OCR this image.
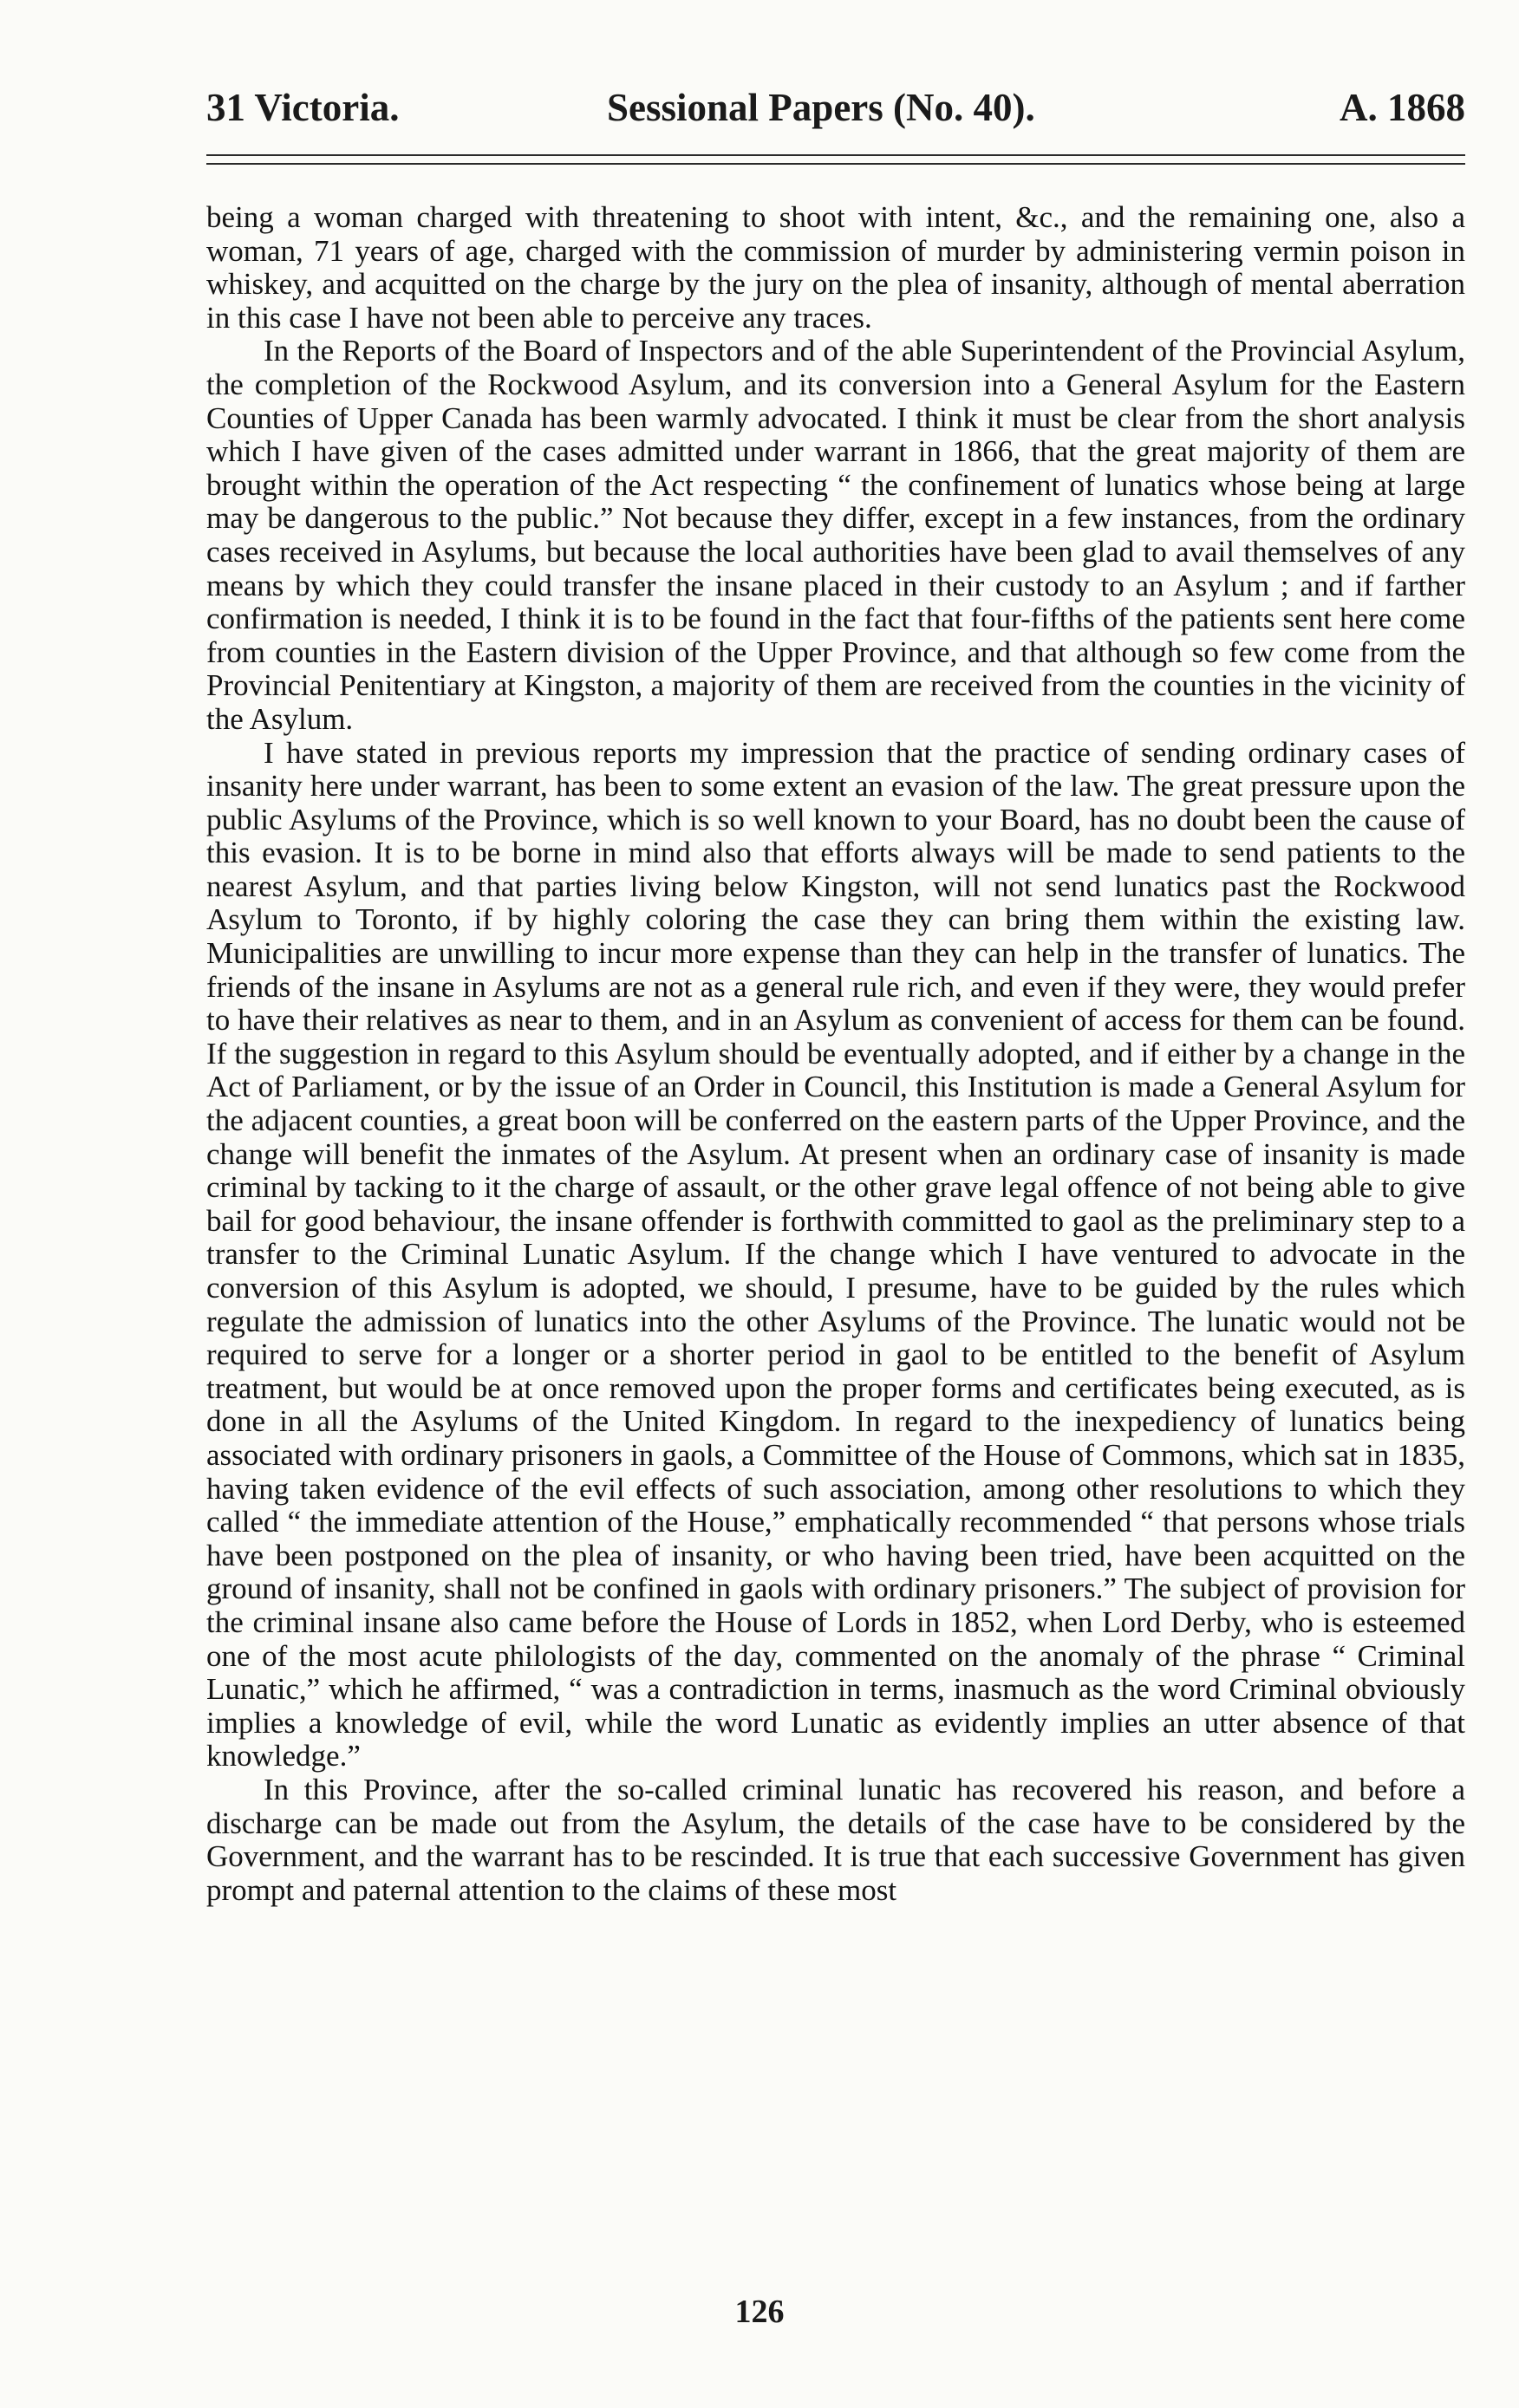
31 Victoria.	Sessional Papers (No. 40).	A. 1868

being a woman charged with threatening to shoot with intent, &c., and the remaining one, also a woman, 71 years of age, charged with the commission of murder by administering vermin poison in whiskey, and acquitted on the charge by the jury on the plea of insanity, although of mental aberration in this case I have not been able to perceive any traces.

In the Reports of the Board of Inspectors and of the able Superintendent of the Provincial Asylum, the completion of the Rockwood Asylum, and its conversion into a General Asylum for the Eastern Counties of Upper Canada has been warmly advocated. I think it must be clear from the short analysis which I have given of the cases admitted under warrant in 1866, that the great majority of them are brought within the operation of the Act respecting “ the confinement of lunatics whose being at large may be dangerous to the public.” Not because they differ, except in a few instances, from the ordinary cases received in Asylums, but because the local authorities have been glad to avail themselves of any means by which they could transfer the insane placed in their custody to an Asylum ; and if farther confirmation is needed, I think it is to be found in the fact that four-fifths of the patients sent here come from counties in the Eastern division of the Upper Province, and that although so few come from the Provincial Penitentiary at Kingston, a majority of them are received from the counties in the vicinity of the Asylum.

I have stated in previous reports my impression that the practice of sending ordinary cases of insanity here under warrant, has been to some extent an evasion of the law. The great pressure upon the public Asylums of the Province, which is so well known to your Board, has no doubt been the cause of this evasion. It is to be borne in mind also that efforts always will be made to send patients to the nearest Asylum, and that parties living below Kingston, will not send lunatics past the Rockwood Asylum to Toronto, if by highly coloring the case they can bring them within the existing law. Municipalities are unwilling to incur more expense than they can help in the transfer of lunatics. The friends of the insane in Asylums are not as a general rule rich, and even if they were, they would prefer to have their relatives as near to them, and in an Asylum as convenient of access for them can be found. If the suggestion in regard to this Asylum should be eventually adopted, and if either by a change in the Act of Parliament, or by the issue of an Order in Council, this Institution is made a General Asylum for the adjacent counties, a great boon will be conferred on the eastern parts of the Upper Province, and the change will benefit the inmates of the Asylum. At present when an ordinary case of insanity is made criminal by tacking to it the charge of assault, or the other grave legal offence of not being able to give bail for good behaviour, the insane offender is forthwith committed to gaol as the preliminary step to a transfer to the Criminal Lunatic Asylum. If the change which I have ventured to advocate in the conversion of this Asylum is adopted, we should, I presume, have to be guided by the rules which regulate the admission of lunatics into the other Asylums of the Province. The lunatic would not be required to serve for a longer or a shorter period in gaol to be entitled to the benefit of Asylum treatment, but would be at once removed upon the proper forms and certificates being executed, as is done in all the Asylums of the United Kingdom. In regard to the inexpediency of lunatics being associated with ordinary prisoners in gaols, a Committee of the House of Commons, which sat in 1835, having taken evidence of the evil effects of such association, among other resolutions to which they called “ the immediate attention of the House,” emphatically recommended “ that persons whose trials have been postponed on the plea of insanity, or who having been tried, have been acquitted on the ground of insanity, shall not be confined in gaols with ordinary prisoners.” The subject of provision for the criminal insane also came before the House of Lords in 1852, when Lord Derby, who is esteemed one of the most acute philologists of the day, commented on the anomaly of the phrase “ Criminal Lunatic,” which he affirmed, “ was a contradiction in terms, inasmuch as the word Criminal obviously implies a knowledge of evil, while the word Lunatic as evidently implies an utter absence of that knowledge.”

In this Province, after the so-called criminal lunatic has recovered his reason, and before a discharge can be made out from the Asylum, the details of the case have to be considered by the Government, and the warrant has to be rescinded. It is true that each successive Government has given prompt and paternal attention to the claims of these most

126
